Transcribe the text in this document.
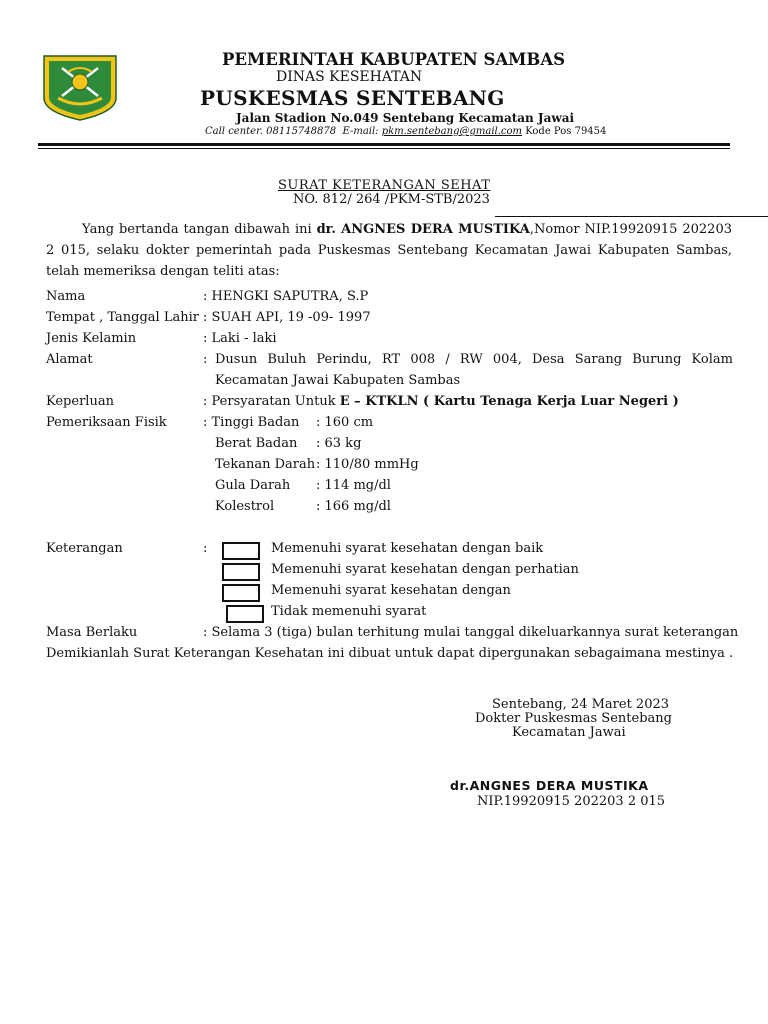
PEMERINTAH KABUPATEN SAMBAS
DINAS KESEHATAN
PUSKESMAS SENTEBANG
Jalan Stadion No.049 Sentebang Kecamatan Jawai
Call center. 08115748878 E-mail: pkm.sentebang@gmail.com Kode Pos 79454
SURAT KETERANGAN SEHAT
NO. 812/ 264 /PKM-STB/2023
Yang bertanda tangan dibawah ini dr. ANGNES DERA MUSTIKA,Nomor NIP.19920915 202203 2 015, selaku dokter pemerintah pada Puskesmas Sentebang Kecamatan Jawai Kabupaten Sambas, telah memeriksa dengan teliti atas:
Nama	: HENGKI SAPUTRA, S.P
Tempat , Tanggal Lahir : SUAH API, 19 -09- 1997
Jenis Kelamin	: Laki - laki
Alamat	: Dusun Buluh Perindu, RT 008 / RW 004, Desa Sarang Burung Kolam Kecamatan Jawai Kabupaten Sambas
Keperluan	: Persyaratan Untuk E – KTKLN ( Kartu Tenaga Kerja Luar Negeri )
Pemeriksaan Fisik	: Tinggi Badan : 160 cm
Berat Badan : 63 kg
Tekanan Darah : 110/80 mmHg
Gula Darah : 114 mg/dl
Kolestrol	: 166 mg/dl
Keterangan	:	Memenuhi syarat kesehatan dengan baik
Memenuhi syarat kesehatan dengan perhatian
Memenuhi syarat kesehatan dengan
Tidak memenuhi syarat
Masa Berlaku	: Selama 3 (tiga) bulan terhitung mulai tanggal dikeluarkannya surat keterangan
Demikianlah Surat Keterangan Kesehatan ini dibuat untuk dapat dipergunakan sebagaimana mestinya .
Sentebang, 24 Maret 2023
Dokter Puskesmas Sentebang
Kecamatan Jawai
dr.ANGNES DERA MUSTIKA
NIP.19920915 202203 2 015
